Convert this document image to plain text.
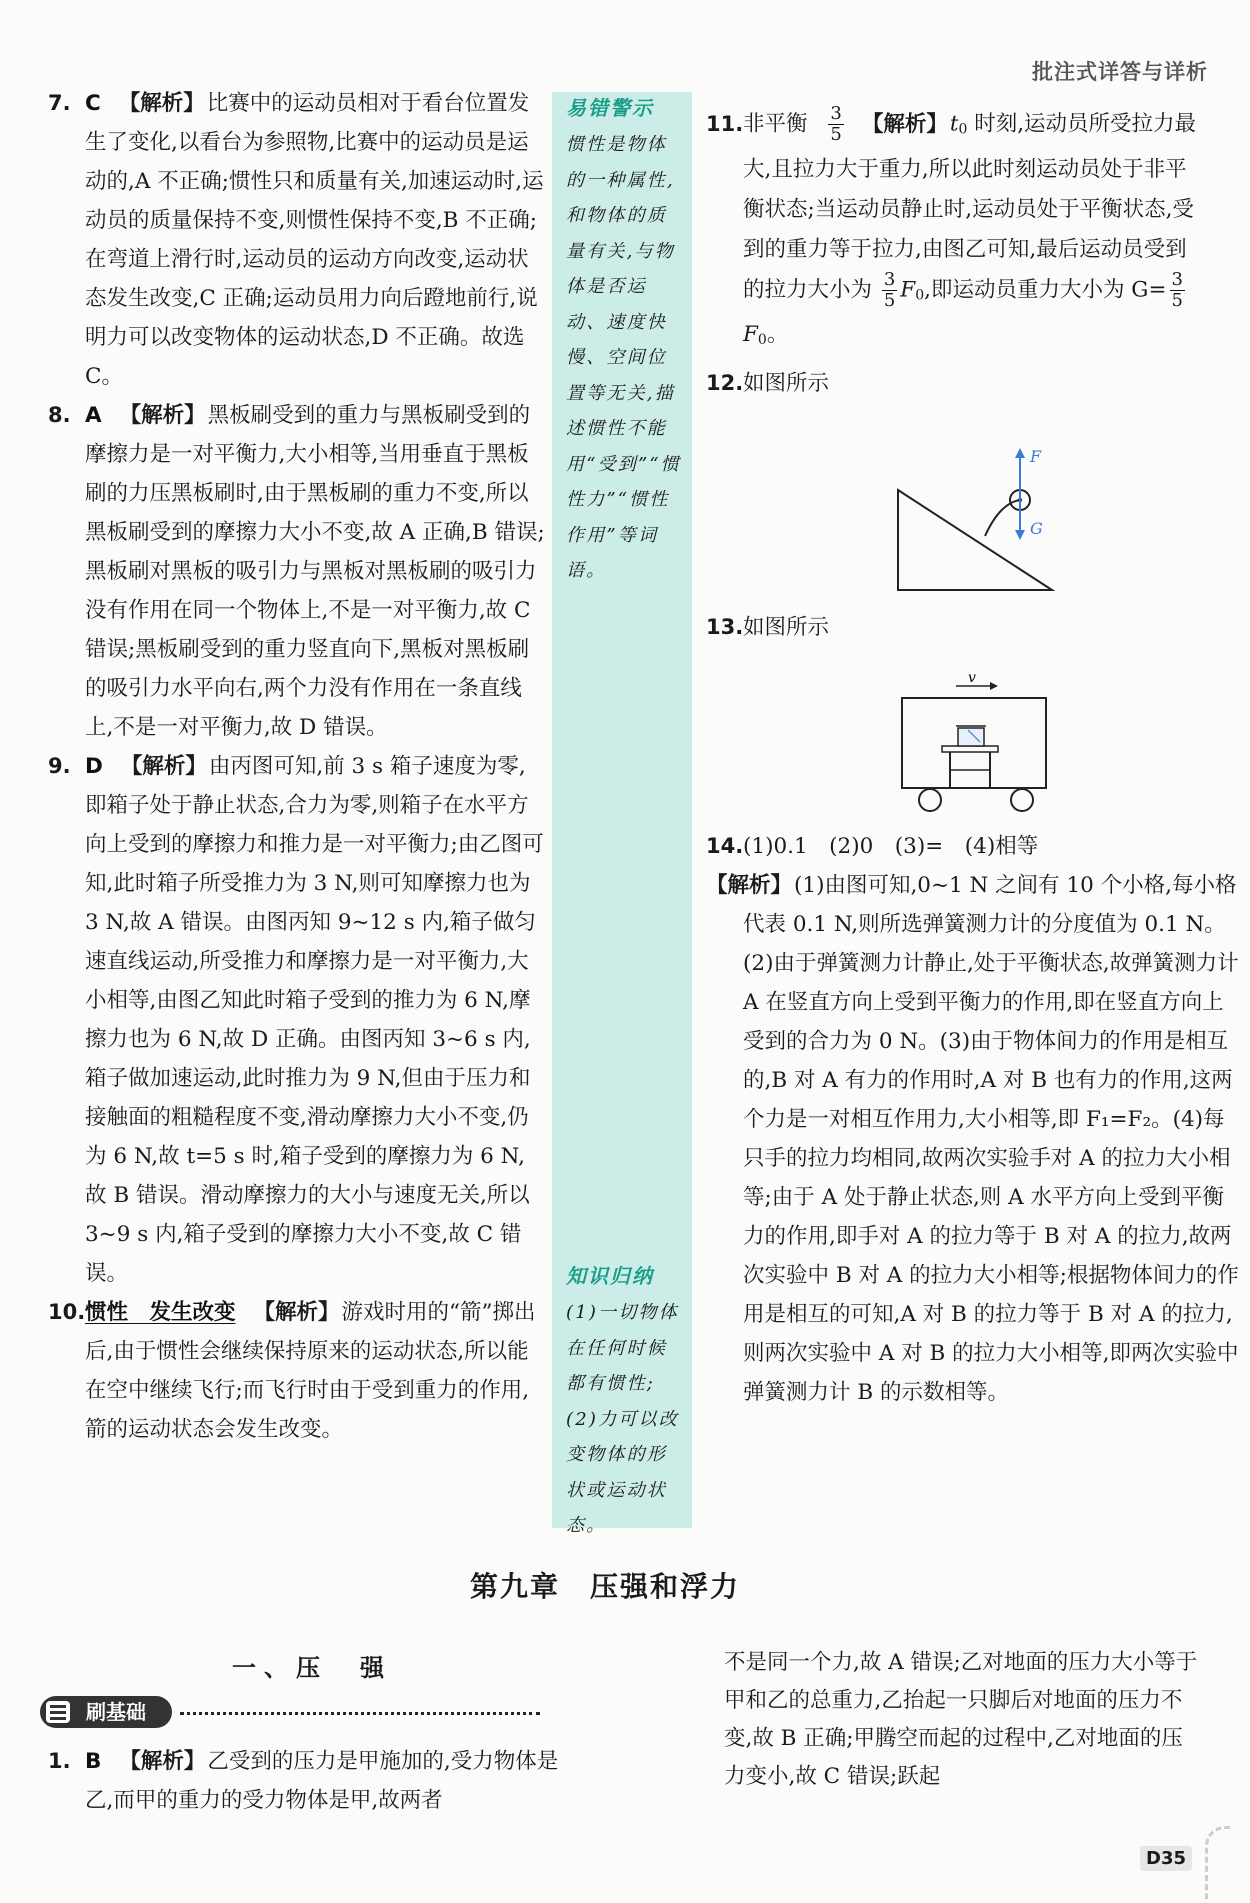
批注式详答与详析

7. C 【解析】比赛中的运动员相对于看台位置发生了变化,以看台为参照物,比赛中的运动员是运动的,A 不正确;惯性只和质量有关,加速运动时,运动员的质量保持不变,则惯性保持不变,B 不正确;在弯道上滑行时,运动员的运动方向改变,运动状态发生改变,C 正确;运动员用力向后蹬地前行,说明力可以改变物体的运动状态,D 不正确。故选 C。

8. A 【解析】黑板刷受到的重力与黑板刷受到的摩擦力是一对平衡力,大小相等,当用垂直于黑板刷的力压黑板刷时,由于黑板刷的重力不变,所以黑板刷受到的摩擦力大小不变,故 A 正确,B 错误;黑板刷对黑板的吸引力与黑板对黑板刷的吸引力没有作用在同一个物体上,不是一对平衡力,故 C 错误;黑板刷受到的重力竖直向下,黑板对黑板刷的吸引力水平向右,两个力没有作用在一条直线上,不是一对平衡力,故 D 错误。

9. D 【解析】由丙图可知,前 3 s 箱子速度为零,即箱子处于静止状态,合力为零,则箱子在水平方向上受到的摩擦力和推力是一对平衡力;由乙图可知,此时箱子所受推力为 3 N,则可知摩擦力也为 3 N,故 A 错误。由图丙知 9~12 s 内,箱子做匀速直线运动,所受推力和摩擦力是一对平衡力,大小相等,由图乙知此时箱子受到的推力为 6 N,摩擦力也为 6 N,故 D 正确。由图丙知 3~6 s 内,箱子做加速运动,此时推力为 9 N,但由于压力和接触面的粗糙程度不变,滑动摩擦力大小不变,仍为 6 N,故 t=5 s 时,箱子受到的摩擦力为 6 N,故 B 错误。滑动摩擦力的大小与速度无关,所以 3~9 s 内,箱子受到的摩擦力大小不变,故 C 错误。

10. 惯性　发生改变 【解析】游戏时用的“箭”掷出后,由于惯性会继续保持原来的运动状态,所以能在空中继续飞行;而飞行时由于受到重力的作用,箭的运动状态会发生改变。

易错警示
惯性是物体的一种属性,和物体的质量有关,与物体是否运动、速度快慢、空间位置等无关,描述惯性不能用“受到”“惯性力”“惯性作用”等词语。
知识归纳
(1)一切物体在任何时候都有惯性;(2)力可以改变物体的形状或运动状态。

11. 非平衡 $\frac{3}{5}$ 【解析】$t_0$ 时刻,运动员所受拉力最大,且拉力大于重力,所以此时刻运动员处于非平衡状态;当运动员静止时,运动员处于平衡状态,受到的重力等于拉力,由图乙可知,最后运动员受到的拉力大小为 $\frac{3}{5} F_0$,即运动员重力大小为 $G= \frac{3}{5}$
$F_0$。

12. 如图所示

F
G

13. 如图所示

v

14. (1)0.1　(2)0　(3)=　(4)相等
【解析】(1)由图可知,0~1 N 之间有 10 个小格,每小格代表 0.1 N,则所选弹簧测力计的分度值为 0.1 N。(2)由于弹簧测力计静止,处于平衡状态,故弹簧测力计 A 在竖直方向上受到平衡力的作用,即在竖直方向上受到的合力为 0 N。(3)由于物体间力的作用是相互的,B 对 A 有力的作用时,A 对 B 也有力的作用,这两个力是一对相互作用力,大小相等,即 F₁=F₂。(4)每只手的拉力均相同,故两次实验手对 A 的拉力大小相等;由于 A 处于静止状态,则 A 水平方向上受到平衡力的作用,即手对 A 的拉力等于 B 对 A 的拉力,故两次实验中 B 对 A 的拉力大小相等;根据物体间力的作用是相互的可知,A 对 B 的拉力等于 B 对 A 的拉力,则两次实验中 A 对 B 的拉力大小相等,即两次实验中弹簧测力计 B 的示数相等。

第九章　压强和浮力
一、压　强
刷基础

1. B 【解析】乙受到的压力是甲施加的,受力物体是乙,而甲的重力的受力物体是甲,故两者

不是同一个力,故 A 错误;乙对地面的压力大小等于甲和乙的总重力,乙抬起一只脚后对地面的压力不变,故 B 正确;甲腾空而起的过程中,乙对地面的压力变小,故 C 错误;跃起
D35
